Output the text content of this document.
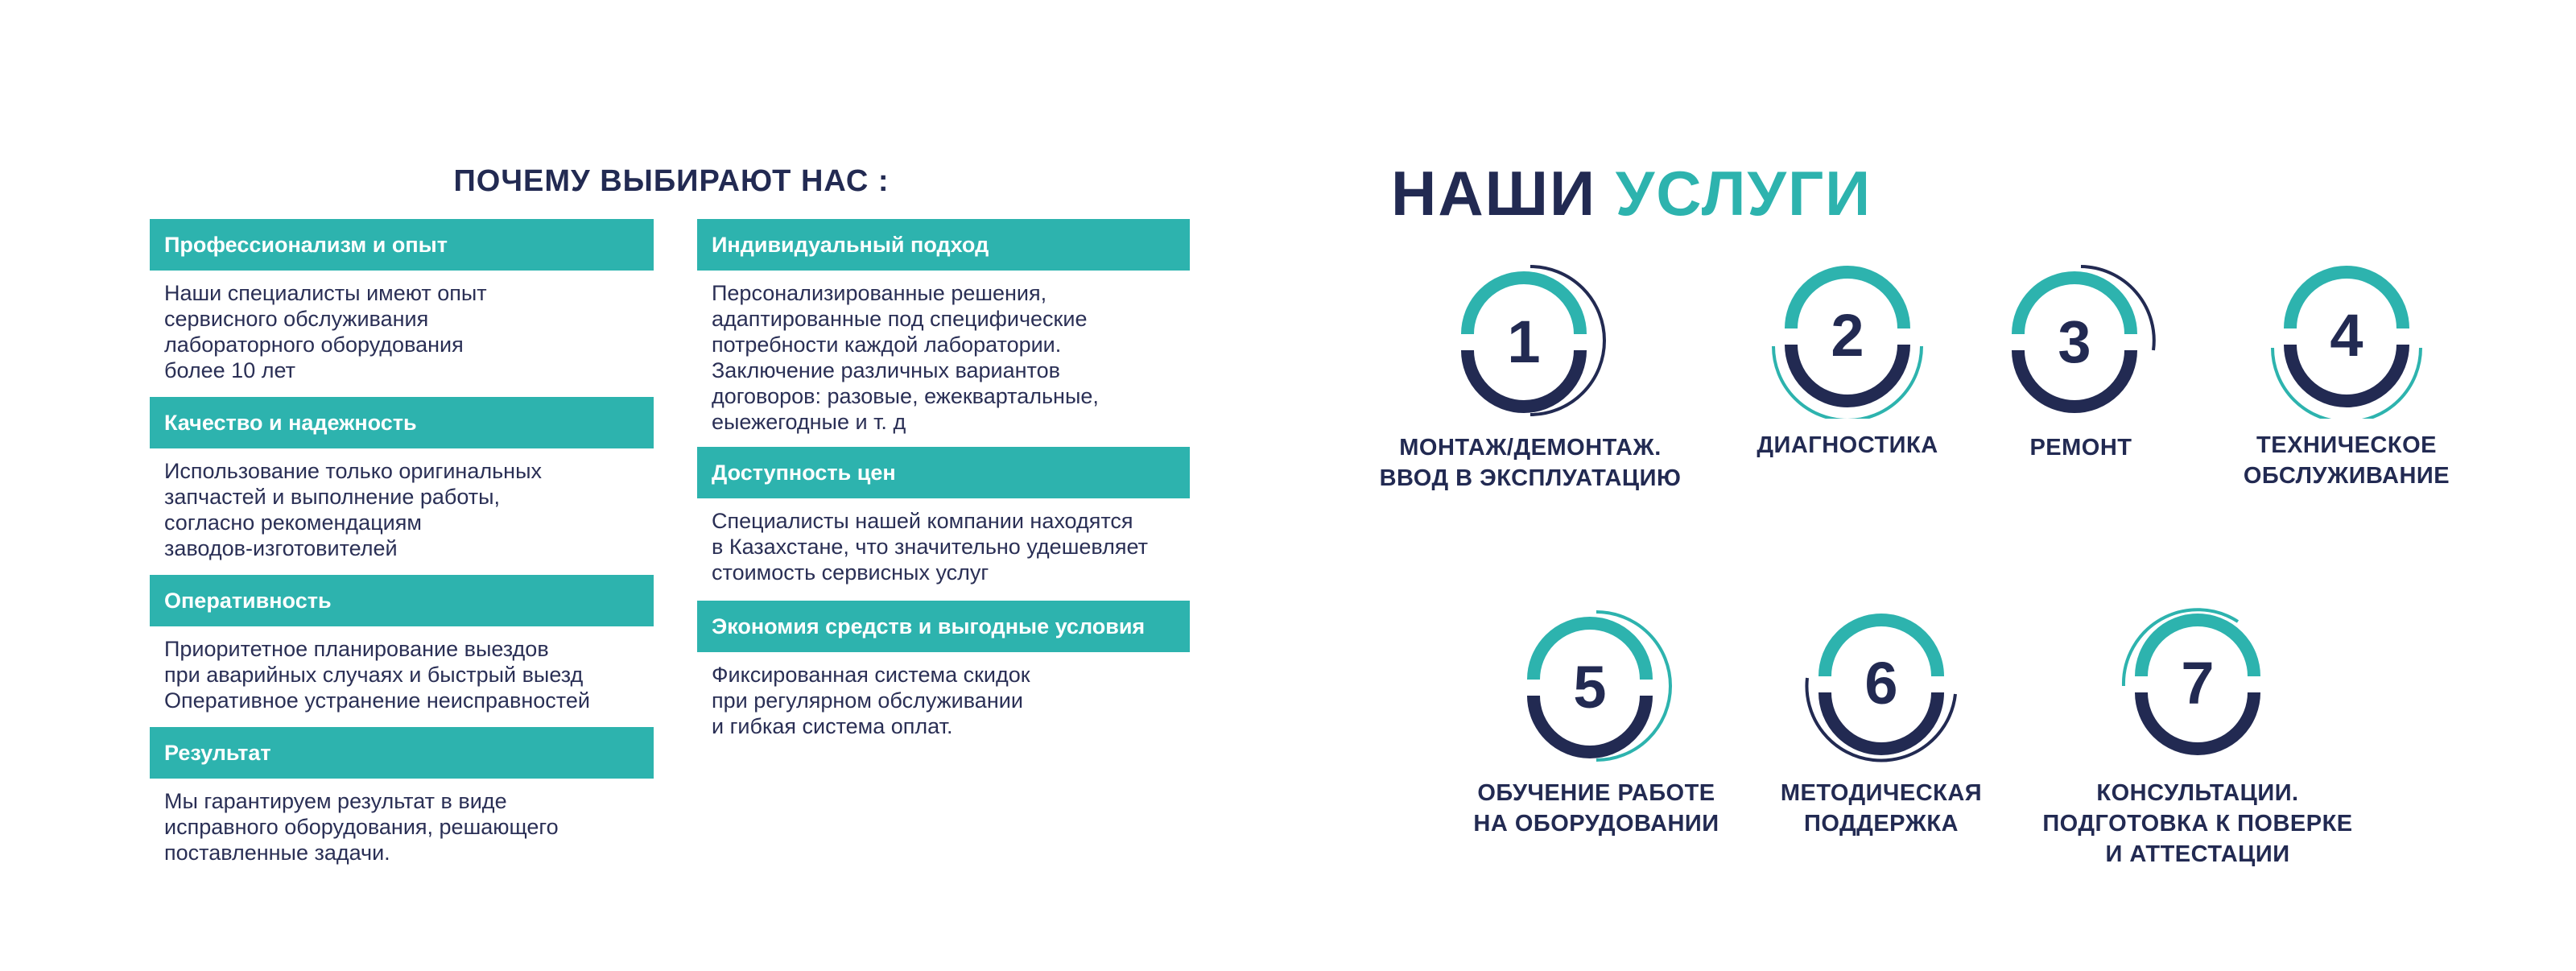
ПОЧЕМУ ВЫБИРАЮТ НАС :
Профессионализм и опыт
Наши специалисты имеют опыт
сервисного обслуживания
лабораторного оборудования
более 10 лет
Качество и надежность
Использование только оригинальных
запчастей и выполнение работы,
согласно рекомендациям
заводов-изготовителей
Оперативность
Приоритетное планирование выездов
при аварийных случаях и быстрый выезд
Оперативное устранение неисправностей
Результат
Мы гарантируем результат в виде
исправного оборудования, решающего
поставленные задачи.
Индивидуальный подход
Персонализированные решения,
адаптированные под специфические
потребности каждой лаборатории.
Заключение различных вариантов
договоров: разовые, ежеквартальные,
еыежегодные и т. д
Доступность цен
Специалисты нашей компании находятся
в Казахстане, что значительно удешевляет
стоимость сервисных услуг
Экономия средств и выгодные условия
Фиксированная система скидок
при регулярном обслуживании
и гибкая система оплат.
НАШИ УСЛУГИ
1
МОНТАЖ/ДЕМОНТАЖ.
ВВОД В ЭКСПЛУАТАЦИЮ
2
ДИАГНОСТИКА
3
РЕМОНТ
4
ТЕХНИЧЕСКОЕ
ОБСЛУЖИВАНИЕ
5
ОБУЧЕНИЕ РАБОТЕ
НА ОБОРУДОВАНИИ
6
МЕТОДИЧЕСКАЯ
ПОДДЕРЖКА
7
КОНСУЛЬТАЦИИ.
ПОДГОТОВКА К ПОВЕРКЕ
И АТТЕСТАЦИИ
